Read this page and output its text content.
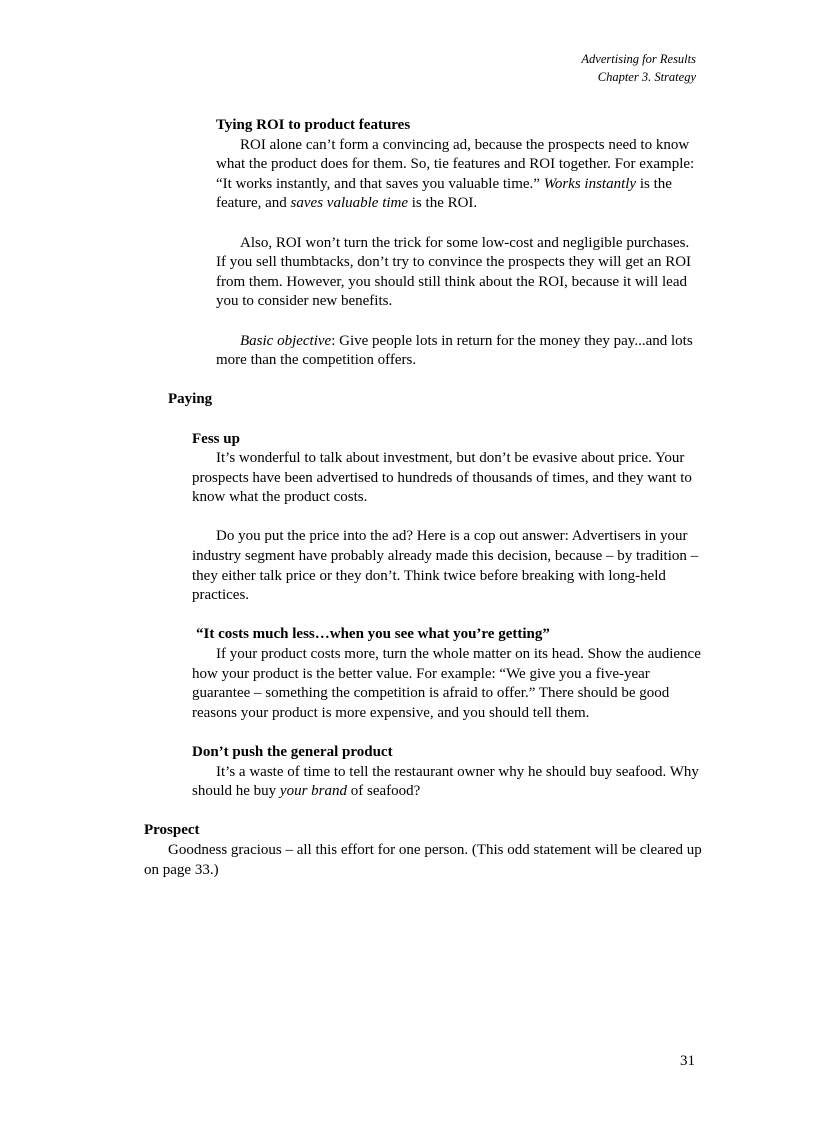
Advertising for Results
Chapter 3. Strategy
Tying ROI to product features

ROI alone can’t form a convincing ad, because the prospects need to know what the product does for them. So, tie features and ROI together. For example: “It works instantly, and that saves you valuable time.” Works instantly is the feature, and saves valuable time is the ROI.

Also, ROI won’t turn the trick for some low-cost and negligible purchases. If you sell thumbtacks, don’t try to convince the prospects they will get an ROI from them. However, you should still think about the ROI, because it will lead you to consider new benefits.

Basic objective: Give people lots in return for the money they pay...and lots more than the competition offers.

Paying
Fess up

It’s wonderful to talk about investment, but don’t be evasive about price. Your prospects have been advertised to hundreds of thousands of times, and they want to know what the product costs.

Do you put the price into the ad? Here is a cop out answer: Advertisers in your industry segment have probably already made this decision, because – by tradition – they either talk price or they don’t. Think twice before breaking with long-held practices.

“It costs much less…when you see what you’re getting”

If your product costs more, turn the whole matter on its head. Show the audience how your product is the better value. For example: “We give you a five-year guarantee – something the competition is afraid to offer.” There should be good reasons your product is more expensive, and you should tell them.

Don’t push the general product

It’s a waste of time to tell the restaurant owner why he should buy seafood. Why should he buy your brand of seafood?

Prospect

Goodness gracious – all this effort for one person. (This odd statement will be cleared up on page 33.)

31
